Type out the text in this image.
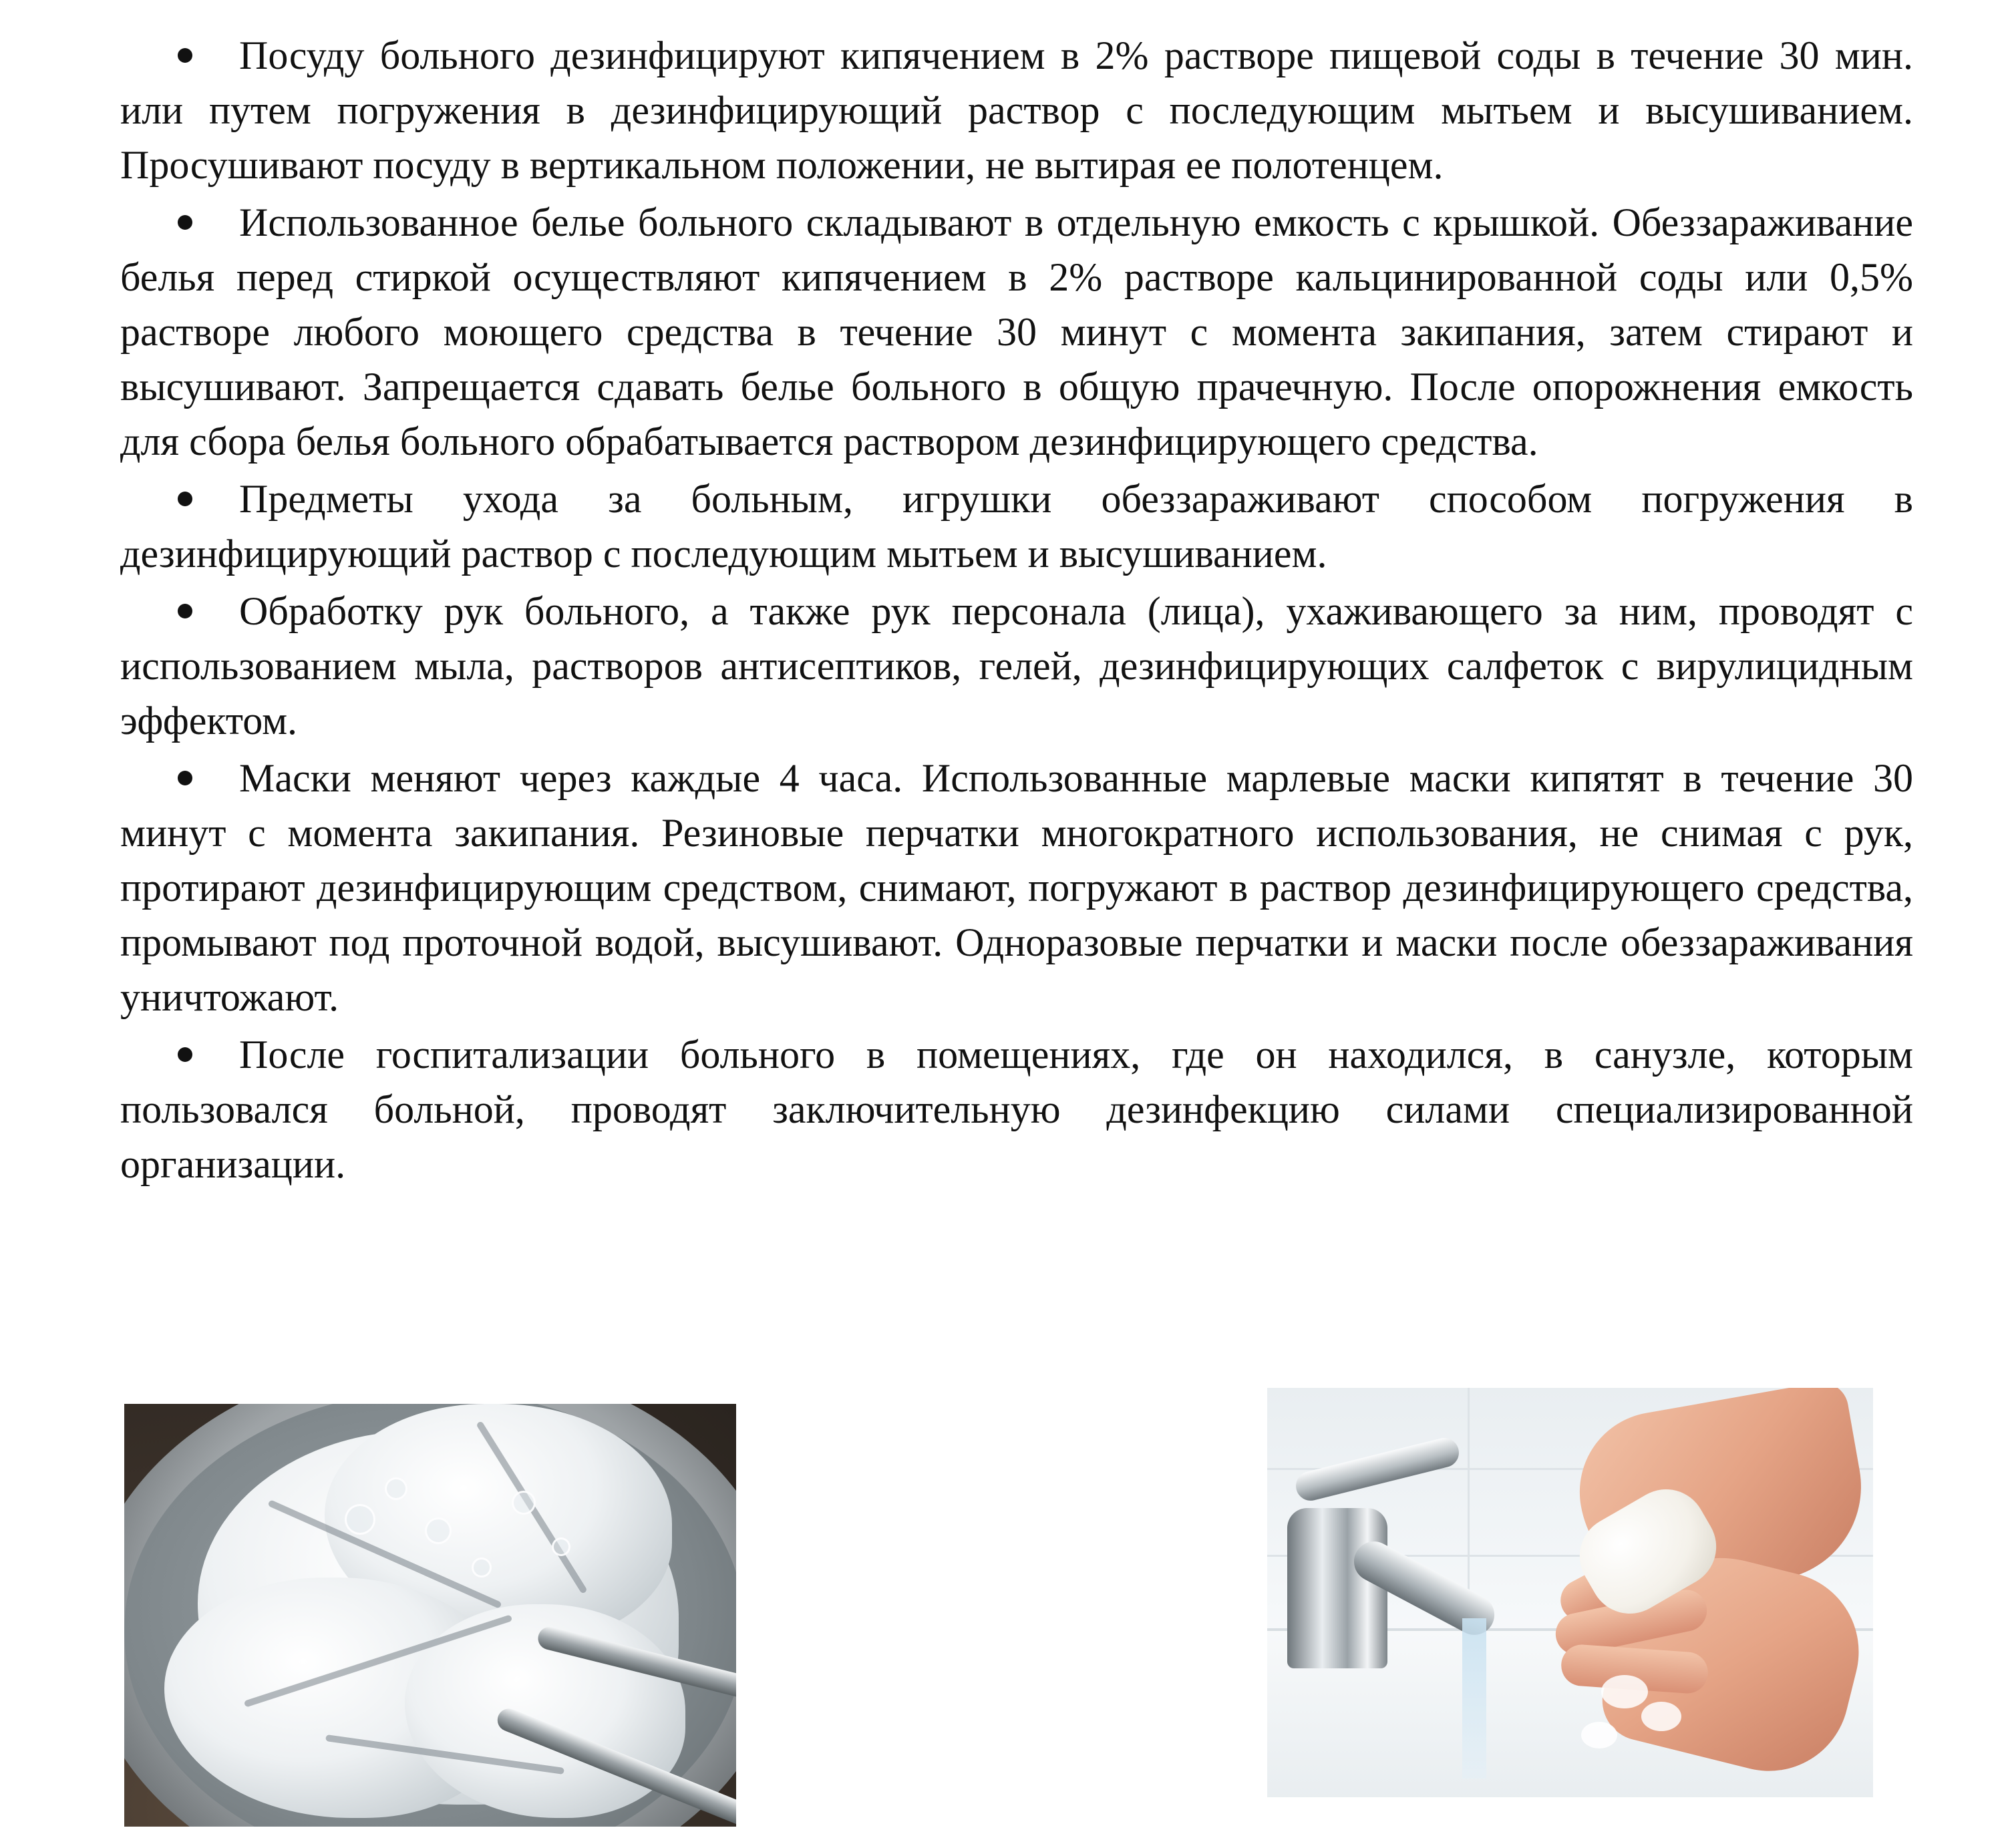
Посуду больного дезинфицируют кипячением в 2% растворе пищевой соды в течение 30 мин. или путем погружения в дезинфицирующий раствор с последующим мытьем и высушиванием. Просушивают посуду в вертикальном положении, не вытирая ее полотенцем.

Использованное белье больного складывают в отдельную емкость с крышкой. Обеззараживание белья перед стиркой осуществляют кипячением в 2% растворе кальцинированной соды или 0,5% растворе любого моющего средства в течение 30 минут с момента закипания, затем стирают и высушивают. Запрещается сдавать белье больного в общую прачечную. После опорожнения емкость для сбора белья больного обрабатывается раствором дезинфицирующего средства.

Предметы ухода за больным, игрушки обеззараживают способом погружения в дезинфицирующий раствор с последующим мытьем и высушиванием.

Обработку рук больного, а также рук персонала (лица), ухаживающего за ним, проводят с использованием мыла, растворов антисептиков, гелей, дезинфицирующих салфеток с вирулицидным эффектом.

Маски меняют через каждые 4 часа. Использованные марлевые маски кипятят в течение 30 минут с момента закипания. Резиновые перчатки многократного использования, не снимая с рук, протирают дезинфицирующим средством, снимают, погружают в раствор дезинфицирующего средства, промывают под проточной водой, высушивают. Одноразовые перчатки и маски после обеззараживания уничтожают.

После госпитализации больного в помещениях, где он находился, в санузле, которым пользовался больной, проводят заключительную дезинфекцию силами специализированной организации.
